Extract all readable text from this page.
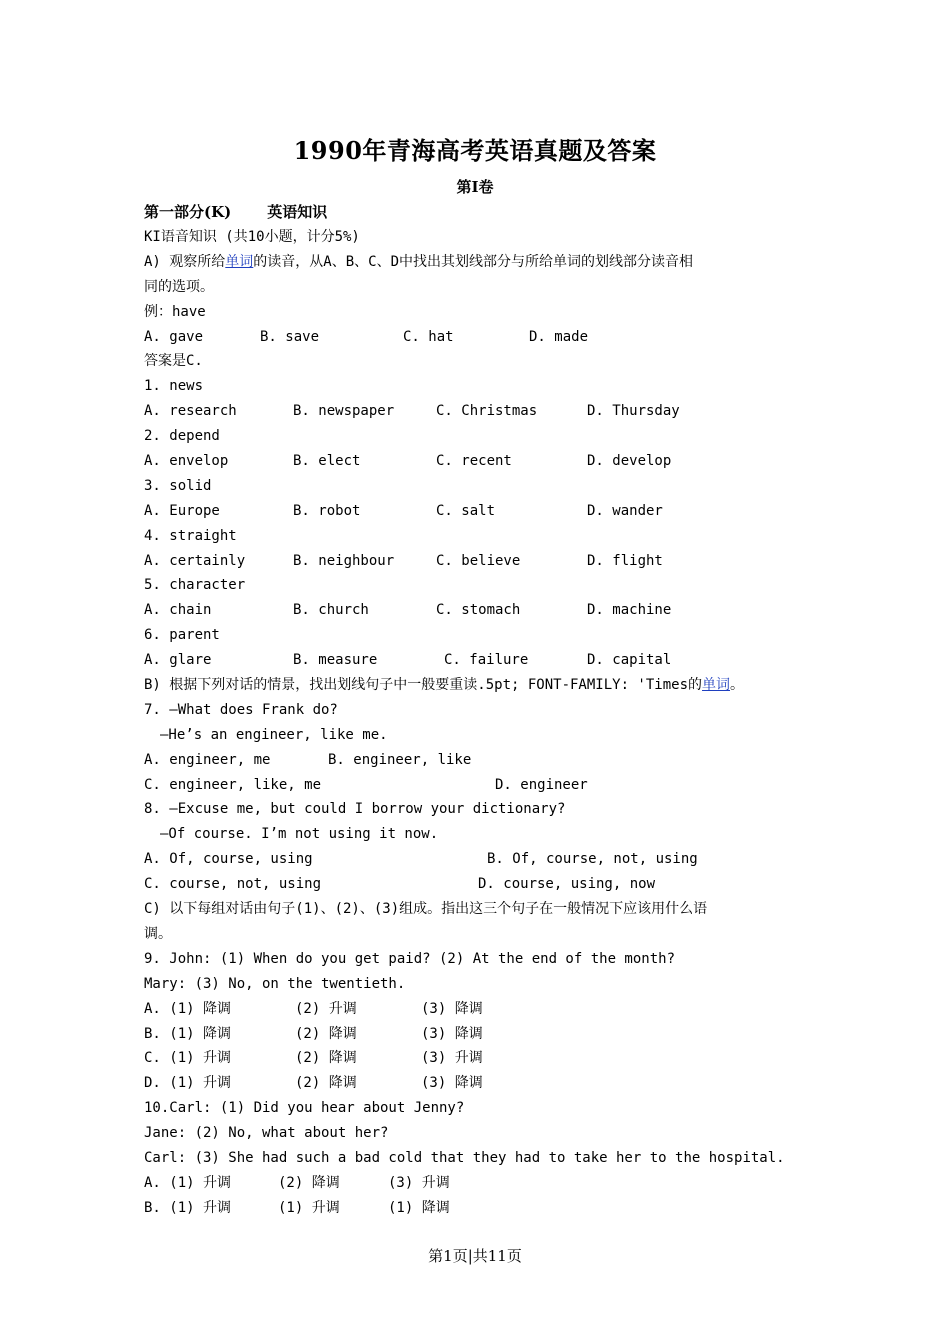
1990年青海高考英语真题及答案
第Ⅰ卷
第一部分(K) 英语知识
KI语音知识 (共10小题，计分5%)
A) 观察所给单词的读音，从A、B、C、D中找出其划线部分与所给单词的划线部分读音相
同的选项。
例：have
A. gave	B. save	C. hat	D. made
答案是C.
1. news
A. research	B. newspaper	C. Christmas	D. Thursday
2. depend
A. envelop	B. elect	C. recent	D. develop
3. solid
A. Europe	B. robot	C. salt	D. wander
4. straight
A. certainly	B. neighbour	C. believe	D. flight
5. character
A. chain	B. church	C. stomach	D. machine
6. parent
A. glare	B. measure	C. failure	D. capital
B) 根据下列对话的情景，找出划线句子中一般要重读.5pt; FONT-FAMILY: 'Times的单词。
7. —What does Frank do?
—He’s an engineer, like me.
A. engineer, me	B. engineer, like
C. engineer, like, me	D. engineer
8. —Excuse me, but could I borrow your dictionary?
—Of course. I’m not using it now.
A. Of, course, using	B. Of, course, not, using
C. course, not, using	D. course, using, now
C) 以下每组对话由句子(1)、(2)、(3)组成。指出这三个句子在一般情况下应该用什么语
调。
9. John: (1) When do you get paid? (2) At the end of the month?
Mary: (3) No, on the twentieth.
A. (1) 降调	(2) 升调	(3) 降调
B. (1) 降调	(2) 降调	(3) 降调
C. (1) 升调	(2) 降调	(3) 升调
D. (1) 升调	(2) 降调	(3) 降调
10.Carl: (1) Did you hear about Jenny?
Jane: (2) No, what about her?
Carl: (3) She had such a bad cold that they had to take her to the hospital.
A. (1) 升调	(2) 降调	(3) 升调
B. (1) 升调	(1) 升调	(1) 降调
第1页|共11页
